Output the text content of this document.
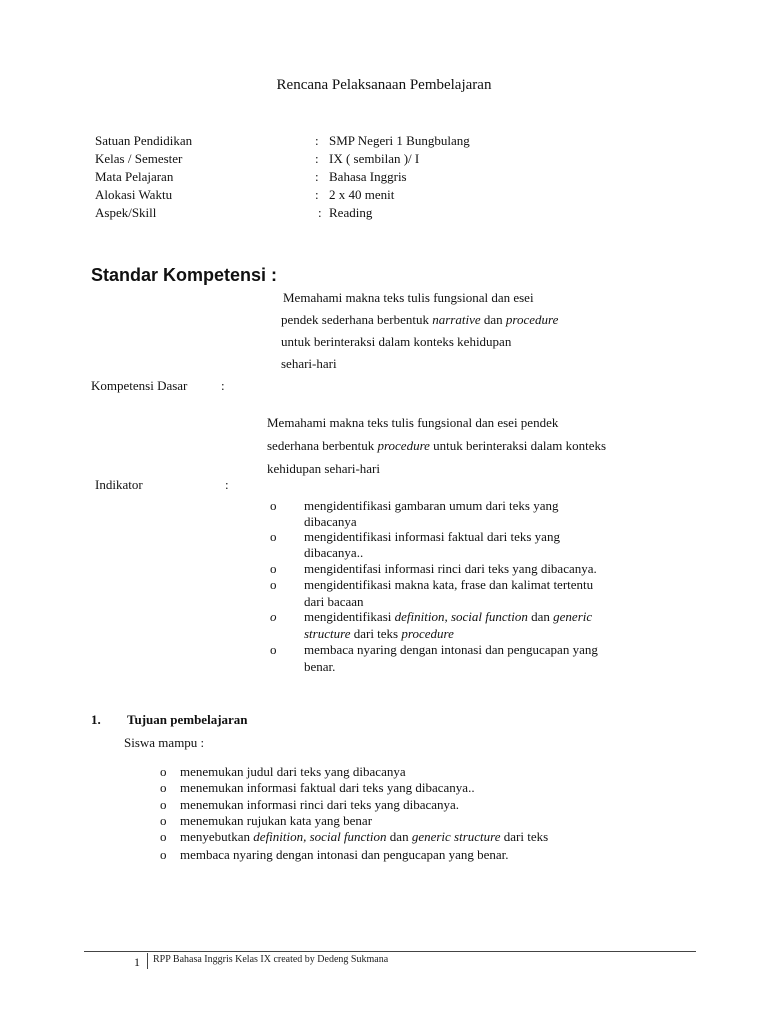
Rencana Pelaksanaan Pembelajaran
Satuan Pendidikan	: SMP Negeri 1 Bungbulang
Kelas / Semester	: IX ( sembilan )/ I
Mata Pelajaran	: Bahasa Inggris
Alokasi Waktu	: 2 x 40 menit
Aspek/Skill	: Reading
Standar Kompetensi :
Memahami makna teks tulis fungsional dan esei
pendek sederhana berbentuk narrative dan procedure
untuk berinteraksi dalam konteks kehidupan
sehari-hari
Kompetensi Dasar	:
Memahami makna teks tulis fungsional dan esei pendek
sederhana berbentuk procedure untuk berinteraksi dalam konteks
kehidupan sehari-hari
Indikator	:
o mengidentifikasi gambaran umum dari teks yang
dibacanya
o mengidentifikasi informasi faktual dari teks yang
dibacanya..
o mengidentifasi informasi rinci dari teks yang dibacanya.
o mengidentifikasi makna kata, frase dan kalimat tertentu
dari bacaan
o mengidentifikasi definition, social function dan generic
structure dari teks procedure
o membaca nyaring dengan intonasi dan pengucapan yang
benar.
1. Tujuan pembelajaran
Siswa mampu :
o menemukan judul dari teks yang dibacanya
o menemukan informasi faktual dari teks yang dibacanya..
o menemukan informasi rinci dari teks yang dibacanya.
o menemukan rujukan kata yang benar
o menyebutkan definition, social function dan generic structure dari teks
o membaca nyaring dengan intonasi dan pengucapan yang benar.
1 RPP Bahasa Inggris Kelas IX created by Dedeng Sukmana
